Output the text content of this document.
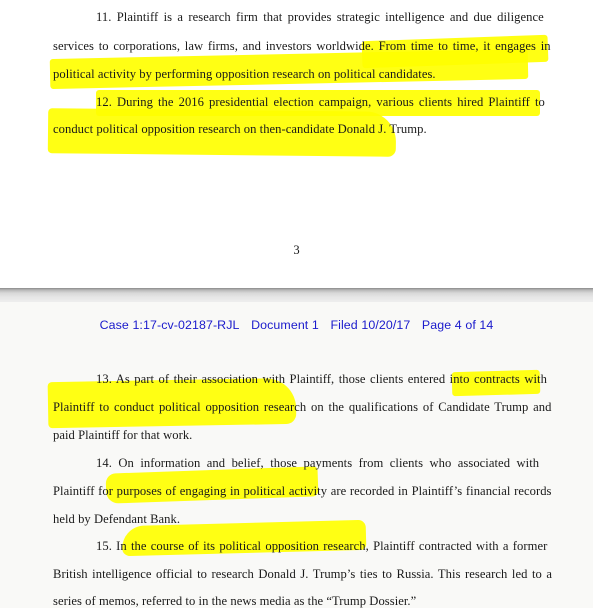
11. Plaintiff is a research firm that provides strategic intelligence and due diligence
services to corporations, law firms, and investors worldwide. From time to time, it engages in
political activity by performing opposition research on political candidates.
12. During the 2016 presidential election campaign, various clients hired Plaintiff to
conduct political opposition research on then-candidate Donald J. Trump.
3
Case 1:17-cv-02187-RJL Document 1 Filed 10/20/17 Page 4 of 14
13. As part of their association with Plaintiff, those clients entered into contracts with
Plaintiff to conduct political opposition research on the qualifications of Candidate Trump and
paid Plaintiff for that work.
14. On information and belief, those payments from clients who associated with
Plaintiff for purposes of engaging in political activity are recorded in Plaintiff’s financial records
held by Defendant Bank.
15. In the course of its political opposition research, Plaintiff contracted with a former
British intelligence official to research Donald J. Trump’s ties to Russia. This research led to a
series of memos, referred to in the news media as the “Trump Dossier.”
